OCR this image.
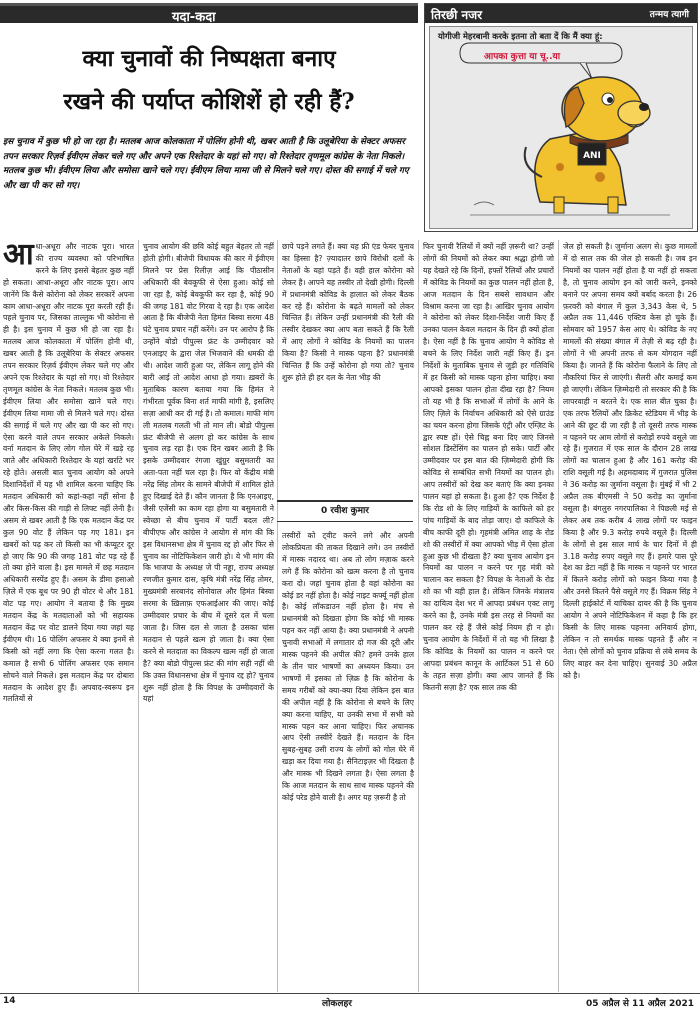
यदा-कदा
क्या चुनावों की निष्पक्षता बनाए
रखने की पर्याप्त कोशिशें हो रही हैं?
इस चुनाव में कुछ भी हो जा रहा है। मतलब आज कोलकाता में पोलिंग होनी थी, खबर आती है कि उलूबेरिया के सेक्टर अफसर तपन सरकार रिज़र्व ईवीएम लेकर चले गए और अपने एक रिश्तेदार के यहां सो गए। वो रिश्तेदार तृणमूल कांग्रेस के नेता निकले। मतलब कुछ भी। ईवीएम लिया और समोसा खाने चले गए। ईवीएम लिया मामा जी से मिलने चले गए। दोस्त की सगाई में चले गए और खा पी कर सो गए।
तिरछी नजर	तन्मय त्यागी
योगीजी मेहरबानी करके इतना तो बता दें कि मैं क्या हूं:
आपका कुत्ता या चू..या
ANI
आ धा-अधूरा और नाटक पूरा। भारत की राज्य व्यवस्था को परिभाषित करने के लिए इससे बेहतर कुछ नहीं हो सकता। आधा-अधूरा और नाटक पूरा। आप जानेंगे कि कैसे कोरोना को लेकर सरकारें अपना काम आधा-अधूरा और नाटक पूरा करती रही हैं। पहले चुनाव पर, जिसका ताल्लुक भी कोरोना से ही है। इस चुनाव में कुछ भी हो जा रहा है। मतलब आज कोलकाता में पोलिंग होनी थी, खबर आती है कि उलूबेरिया के सेक्टर अफसर तपन सरकार रिज़र्व ईवीएम लेकर चले गए और अपने एक रिश्तेदार के यहां सो गए। वो रिश्तेदार तृणमूल कांग्रेस के नेता निकले। मतलब कुछ भी। ईवीएम लिया और समोसा खाने चले गए। ईवीएम लिया मामा जी से मिलने चले गए। दोस्त की सगाई में चले गए और खा पी कर सो गए। ऐसा करने वाले तपन सरकार अकेले निकले। वर्ना मतदान के लिए लोग गोल घेरे में खड़े रह जाते और अधिकारी रिश्तेदार के यहां खर्राटे भर रहे होते। असली बात चुनाव आयोग को अपने दिशानिर्देशों में यह भी शामिल करना चाहिए कि मतदान अधिकारी को कहां-कहां नहीं सोना है और किस-किस की गाड़ी से लिफ्ट नहीं लेनी है। असम से खबर आती है कि एक मतदान केंद्र पर कुल 90 वोट हैं लेकिन पड़ गए 181। इन खबरों को पढ़ कर तो किसी का भी कंप्यूटर दूर हो जाए कि 90 की जगह 181 वोट पड़ रहे हैं तो क्या होने वाला है। इस मामले में छह मतदान अधिकारी सस्पेंड हुए हैं। असम के डीमा हसाओ ज़िले में एक बूथ पर 90 ही वोटर थे और 181 वोट पड़ गए। आयोग ने बताया है कि मुख्य मतदान केंद्र के मतदाताओं को भी सहायक मतदान केंद्र पर वोट डालने दिया गया जहां यह ईवीएम थी। 16 पोलिंग अफसर ये क्या इनमें से किसी को नहीं लगा कि ऐसा करना गलत है। कमाल है सभी 6 पोलिंग अफसर एक समान सोचने वाले निकले। इस मतदान केंद्र पर दोबारा मतदान के आदेश हुए हैं। अपवाद-स्वरूप इन गलतियों से
चुनाव आयोग की छवि कोई बहुत बेहतर तो नहीं होती होगी। बीजेपी विधायक की कार में ईवीएम मिलने पर प्रेस रिलीज़ आई कि पीठासीन अधिकारी की बेवकूफी से ऐसा हुआ। कोई सो जा रहा है, कोई बेवकूफी कर रहा है, कोई 90 की जगह 181 वोट गिरवा दे रहा है। एक आदेश आता है कि बीजेपी नेता हिमंत बिस्वा सरमा 48 घंटे चुनाव प्रचार नहीं करेंगे। उन पर आरोप है कि उन्होंने बोडो पीपुल्स फ्रंट के उम्मीदवार को एनआइए के द्वारा जेल भिजवाने की धमकी दी थी। आदेश जारी हुआ पर, लेकिन लागू होने की बारी आई तो आदेश आधा हो गया। ख़बरों के मुताबिक कारण बताया गया कि हिमंत ने गंभीरता पूर्वक बिना शर्त माफी मांगी है, इसलिए सज़ा आधी कर दी गई है। तो कमाल। माफी मांग ली मतलब गलती भी तो मान ली। बोडो पीपुल्स फ्रंट बीजेपी से अलग हो कर कांग्रेस के साथ चुनाव लड़ रहा है। एक दिन खबर आती है कि इसके उम्मीदवार रंगजा खुंग्रुर बसुमतारी का अता-पता नहीं चल रहा है। फिर वो केंद्रीय मंत्री नरेंद्र सिंह तोमर के सामने बीजेपी में शामिल होते हुए दिखाई देते हैं। कौन जानता है कि एनआइए, जैसी एजेंसी का काम रहा होगा या बसुमतारी ने स्वेच्छा से बीच चुनाव में पार्टी बदल ली? बीपीएफ और कांग्रेस ने आयोग से मांग की कि इस विधानसभा क्षेत्र में चुनाव रद्द हो और फिर से चुनाव का नोटिफिकेशन जारी हो। ये भी मांग की कि भाजपा के अध्यक्ष जे पी नड्डा, राज्य अध्यक्ष रणजीत कुमार दास, कृषि मंत्री नरेंद्र सिंह तोमर, मुख्यमंत्री सरबानंद सोनोवाल और हिमंत बिस्वा सरमा के ख़िलाफ़ एफआईआर की जाए। कोई उम्मीदवार प्रचार के बीच में दूसरे दल में चला जाता है। जिस दल से जाता है उसका चांस मतदान से पहले खत्म हो जाता है। क्या ऐसा करने से मतदाता का विकल्प खत्म नहीं हो जाता है? क्या बोडो पीपुल्स फ्रंट की मांग सही नहीं थी कि उक्त विधानसभा क्षेत्र में चुनाव रद्द हो? चुनाव शुरू नहीं होता है कि विपक्ष के उम्मीदवारों के यहां
छापे पड़ने लगते हैं। क्या यह फ्री एंड फेयर चुनाव का हिस्सा है? ज़्यादातर छापे विरोधी दलों के नेताओं के यहां पड़ते हैं। वही हाल कोरोना को लेकर है। आपने यह तस्वीर तो देखी होगी। दिल्ली में प्रधानमंत्री कोविड के हालात को लेकर बैठक कर रहे हैं। कोरोना के बढ़ते मामलों को लेकर चिन्तित हैं। लेकिन उन्हीं प्रधानमंत्री की रैली की तस्वीर देखकर क्या आप बता सकते हैं कि रैली में आए लोगों ने कोविड के नियमों का पालन किया है? किसी ने मास्क पहना है? प्रधानमंत्री चिन्तित हैं कि उन्हें कोरोना हो गया तो? चुनाव शुरू होते ही हर दल के नेता भीड़ की
0 रवीश कुमार
तस्वीरों को ट्वीट करने लगे और अपनी लोकप्रियता की ताकत दिखाने लगे। उन तस्वीरों में मास्क नदारद था। अब तो लोग मज़ाक करने लगे हैं कि कोरोना को खत्म करना है तो चुनाव करा दो। जहां चुनाव होता है वहां कोरोना का कोई डर नहीं होता है। कोई नाइट कर्फ्यू नहीं होता है। कोई लॉकडाउन नहीं होता है। मंच से प्रधानमंत्री को दिखता होगा कि कोई भी मास्क पहन कर नहीं आया है। क्या प्रधानमंत्री ने अपनी चुनावी सभाओं में लगातार दो गज की दूरी और मास्क पहनने की अपील की? हमने उनके हाल के तीन चार भाषणों का अध्ययन किया। उन भाषणों में इसका तो ज़िक्र है कि कोरोना के समय गरीबों को क्या-क्या दिया लेकिन इस बात की अपील नहीं है कि कोरोना से बचने के लिए क्या करना चाहिए, या उनकी सभा में सभी को मास्क पहन कर आना चाहिए। फिर अचानक आप ऐसी तस्वीरें देखते हैं। मतदान के दिन सुबह-सुबह उसी राज्य के लोगों को गोल घेरे में खड़ा कर दिया गया है। सैनिटाइज़र भी दिखता है और मास्क भी दिखने लगता है। ऐसा लगता है कि आज मतदान के साथ साथ मास्क पहनने की कोई परेड होने वाली है। अगर यह ज़रूरी है तो
फिर चुनावी रैलियों में क्यों नहीं ज़रूरी था? उन्हीं लोगों की नियमों को लेकर क्या श्रद्धा होगी जो यह देखते रहे कि दिनों, हफ्तों रैलियों और प्रचारों में कोविड के नियमों का कुछ पालन नहीं होता है, आज मतदान के दिन सबसे सावधान और विश्राम करना जा रहा है। आखिर चुनाव आयोग ने कोरोना को लेकर दिशा-निर्देश जारी किए हैं उनका पालन केवल मतदान के दिन ही क्यों होता है। ऐसा नहीं है कि चुनाव आयोग ने कोविड से बचने के लिए निर्देश जारी नहीं किए हैं। इन निर्देशों के मुताबिक चुनाव से जुड़ी हर गतिविधि में हर किसी को मास्क पहना होना चाहिए। क्या आपको इसका पालन होता दीख रहा है? नियम तो यह भी है कि सभाओं में लोगों के आने के लिए ज़िले के निर्वाचन अधिकारी को ऐसे ग्राउंड का चयन करना होगा जिसके एंट्री और एग्ज़िट के द्वार स्पष्ट हों। ऐसे चिह्न बना दिए जाएं जिनसे सोशल डिस्टेंसिंग का पालन हो सके। पार्टी और उम्मीदवार पर इस बात की ज़िम्मेदारी होगी कि कोविड से सम्बंधित सभी नियमों का पालन हो। आप तस्वीरों को देख कर बताएं कि क्या इनका पालन यहां हो सकता है। हुआ है? एक निर्देश है कि रोड शो के लिए गाड़ियों के काफिले को हर पांच गाड़ियों के बाद तोड़ा जाए। दो काफिले के बीच काफी दूरी हो। गृहमंत्री अमित शाह के रोड शो की तस्वीरों में क्या आपको भीड़ में ऐसा होता हुआ कुछ भी दीखता है? क्या चुनाव आयोग इन नियमों का पालन न करने पर गृह मंत्री को चालान कर सकता है? विपक्ष के नेताओं के रोड शो का भी यही हाल है। लेकिन जिनके मंत्रालय का दायित्व देश भर में आपदा प्रबंधन एक्ट लागू करने का है, उनके मंत्री इस तरह से नियमों का पालन कर रहे हैं जैसे कोई नियम ही न हो। चुनाव आयोग के निर्देशों में तो यह भी लिखा है कि कोविड के नियमों का पालन न करने पर आपदा प्रबंधन कानून के आर्टिकल 51 से 60 के तहत सज़ा होगी। क्या आप जानते हैं कि कितनी सज़ा है? एक साल तक की
जेल हो सकती है। जुर्माना अलग से। कुछ मामलों में दो साल तक की जेल हो सकती है। जब इन नियमों का पालन नहीं होता है या नहीं हो सकता है, तो चुनाव आयोग इन को जारी करने, इनको बनाने पर अपना समय क्यों बर्बाद करता है। 26 फ़रवरी को बंगाल में कुल 3,343 केस थे, 5 अप्रैल तक 11,446 एक्टिव केस हो चुके हैं। सोमवार को 1957 केस आए थे। कोविड के नए मामलों की संख्या बंगाल में तेज़ी से बढ़ रही है। लोगों ने भी अपनी तरफ से कम योगदान नहीं किया है। जानते हैं कि कोरोना फैलाने के लिए तो नौकरियां फिर से जाएंगी। सैलरी और कमाई कम हो जाएगी। लेकिन ज़िम्मेदारी तो सरकार की है कि लापरवाही न बरतने दे। एक साल बीत चुका है। एक तरफ रैलियों और क्रिकेट स्टेडियम में भीड़ के आने की छूट दी जा रही है तो दूसरी तरफ मास्क न पहनने पर आम लोगों से करोड़ों रुपये वसूले जा रहे हैं। गुजरात में एक साल के दौरान 28 लाख लोगों का चालान हुआ है और 161 करोड़ की राशि वसूली गई है। अहमदाबाद में गुजरात पुलिस ने 36 करोड़ का जुर्माना वसूला है। मुंबई में भी 2 अप्रैल तक बीएमसी ने 50 करोड़ का जुर्माना वसूला है। बंगलुरु नगरपालिका ने पिछली मई से लेकर अब तक करीब 4 लाख लोगों पर फाइन किया है और 9.3 करोड़ रुपये वसूले हैं। दिल्ली के लोगों से इस साल मार्च के चार दिनों में ही 3.18 करोड़ रुपए वसूले गए हैं। हमारे पास पूरे देश का डेटा नहीं है कि मास्क न पहनने पर भारत में कितने करोड़ लोगों को फाइन किया गया है और उनसे कितने पैसे वसूले गए हैं। विक्रम सिंह ने दिल्ली हाईकोर्ट में याचिका दायर की है कि चुनाव आयोग ने अपने नोटिफिकेशन में कहा है कि हर किसी के लिए मास्क पहनना अनिवार्य होगा, लेकिन न तो समर्थक मास्क पहनते हैं और न नेता। ऐसे लोगों को चुनाव प्रक्रिया से लंबे समय के लिए बाहर कर देना चाहिए। सुनवाई 30 अप्रैल को है।
14	लोकलहर	05 अप्रैल से 11 अप्रैल 2021
